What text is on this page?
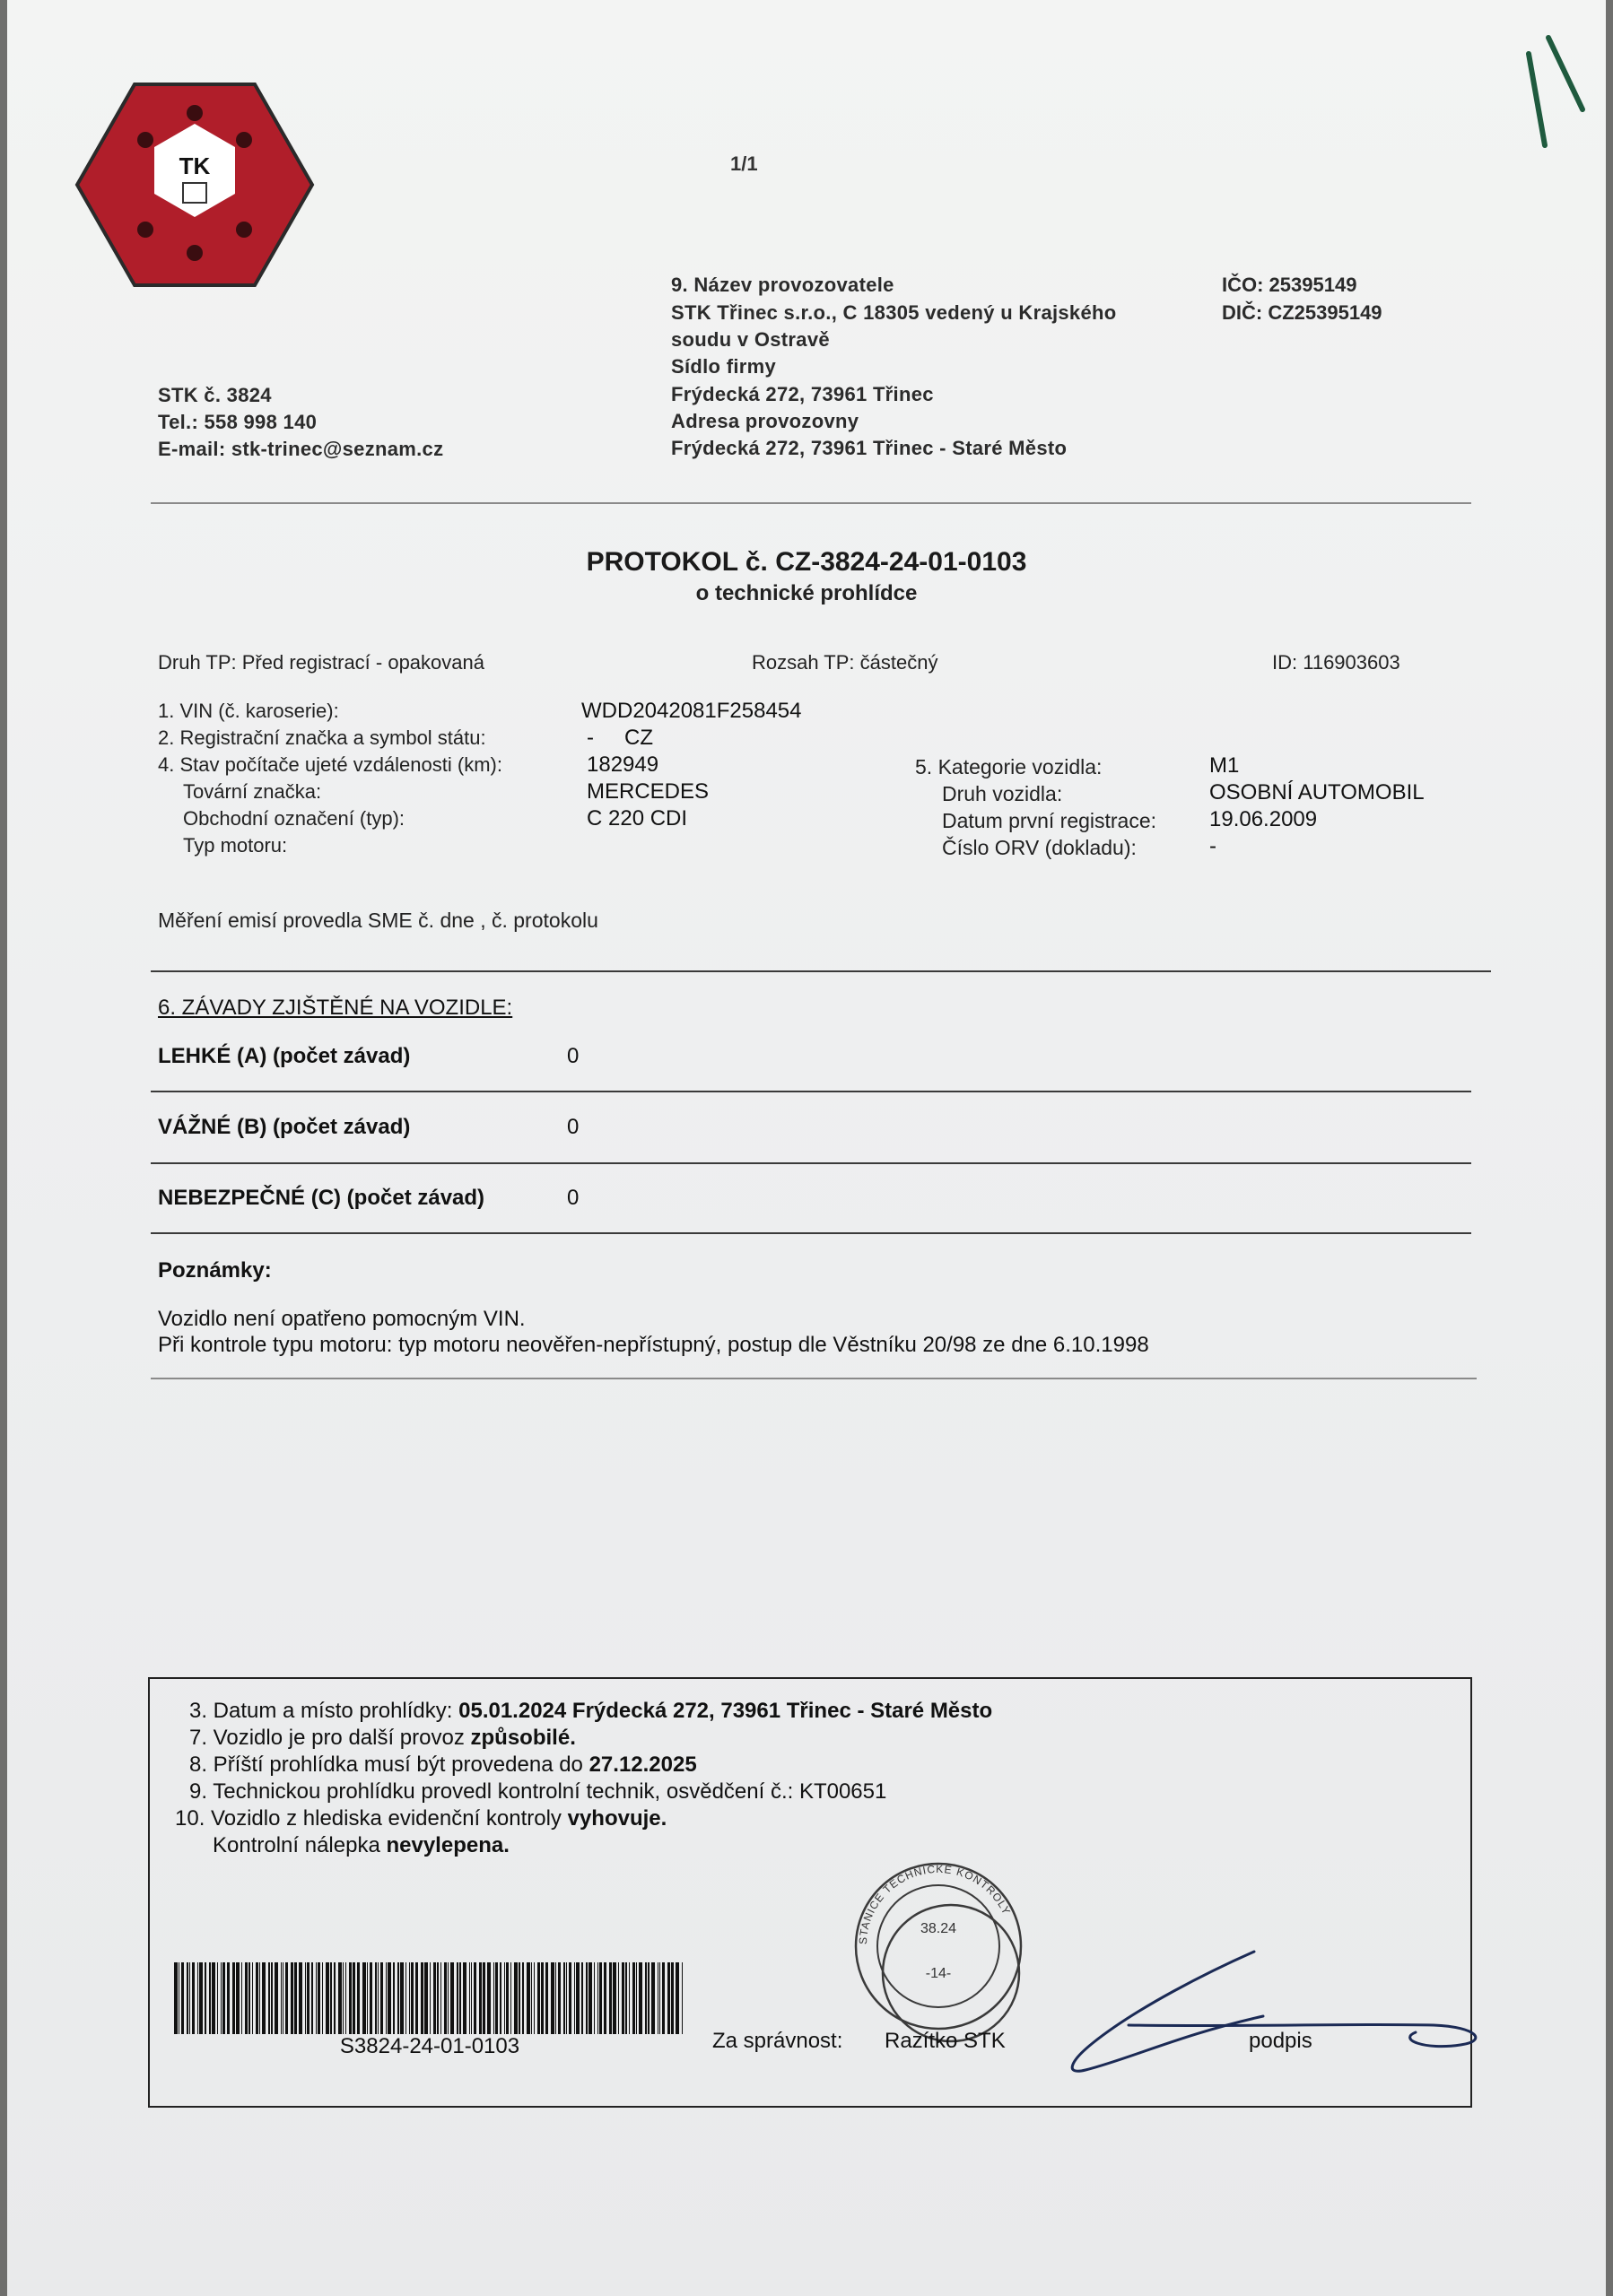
TK	1/1
9. Název provozovatele
STK Třinec s.r.o., C 18305 vedený u Krajského
soudu v Ostravě
Sídlo firmy
Frýdecká 272, 73961 Třinec
Adresa provozovny
Frýdecká 272, 73961 Třinec - Staré Město
IČO: 25395149
DIČ: CZ25395149
STK č. 3824
Tel.: 558 998 140
E-mail: stk-trinec@seznam.cz
PROTOKOL č. CZ-3824-24-01-0103
o technické prohlídce
Druh TP: Před registrací - opakovaná	Rozsah TP: částečný	ID: 116903603
1. VIN (č. karoserie):	WDD2042081F258454
2. Registrační značka a symbol státu:	- CZ
4. Stav počítače ujeté vzdálenosti (km):	182949
Tovární značka:	MERCEDES
Obchodní označení (typ):	C 220 CDI
Typ motoru:
5. Kategorie vozidla:	M1
Druh vozidla:	OSOBNÍ AUTOMOBIL
Datum první registrace: 19.06.2009
Číslo ORV (dokladu):	-
Měření emisí provedla SME č. dne , č. protokolu
6. ZÁVADY ZJIŠTĚNÉ NA VOZIDLE:
LEHKÉ (A) (počet závad)	0
VÁŽNÉ (B) (počet závad)	0
NEBEZPEČNÉ (C) (počet závad)	0
Poznámky:
Vozidlo není opatřeno pomocným VIN.
Při kontrole typu motoru: typ motoru neověřen-nepřístupný, postup dle Věstníku 20/98 ze dne 6.10.1998
3. Datum a místo prohlídky: 05.01.2024 Frýdecká 272, 73961 Třinec - Staré Město
7. Vozidlo je pro další provoz způsobilé.
8. Příští prohlídka musí být provedena do 27.12.2025
9. Technickou prohlídku provedl kontrolní technik, osvědčení č.: KT00651
10. Vozidlo z hlediska evidenční kontroly vyhovuje.
Kontrolní nálepka nevylepena.
S3824-24-01-0103
STANICE TECHNICKÉ KONTROLY
38.24
-14-
Za správnost: Razítko STK	podpis
